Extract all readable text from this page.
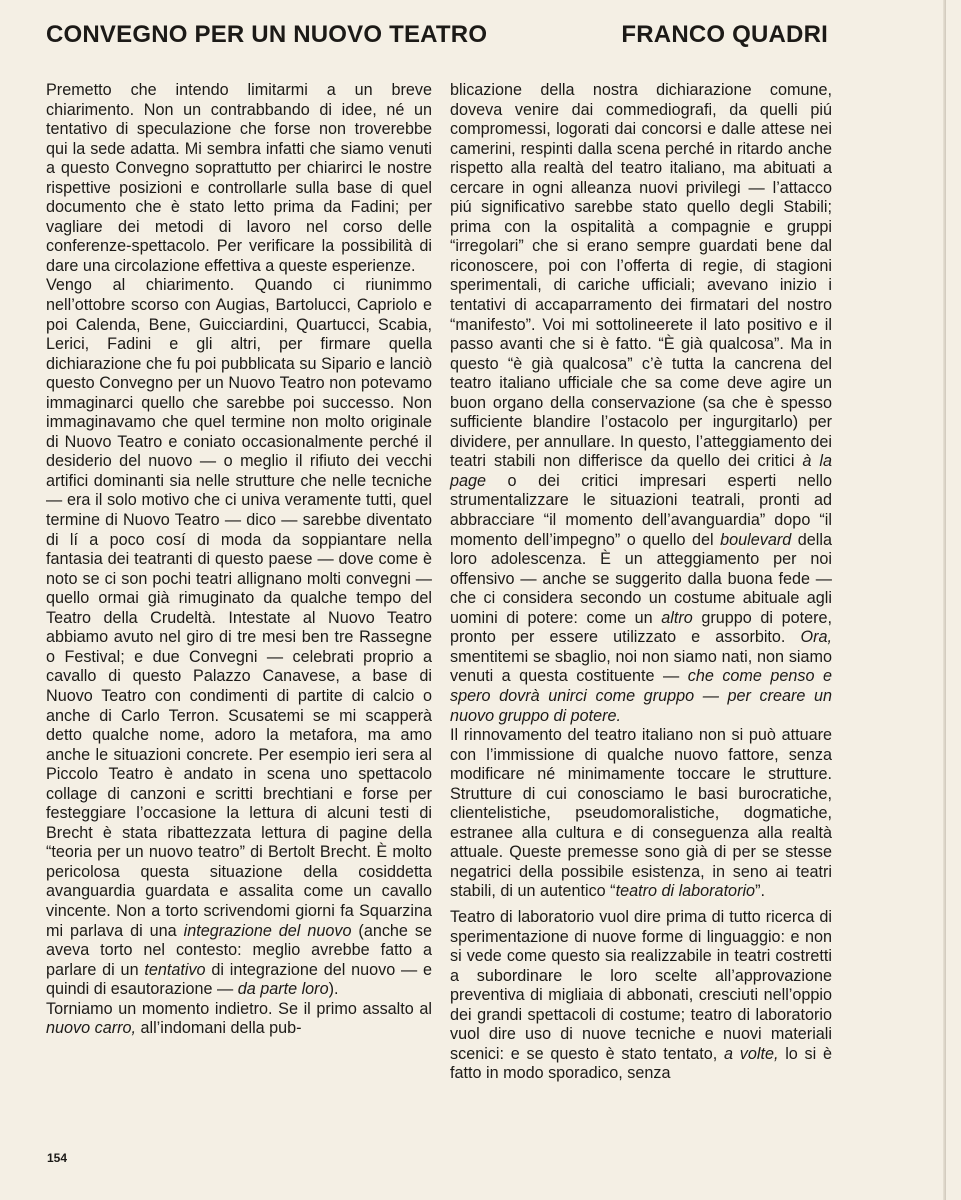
CONVEGNO PER UN NUOVO TEATRO	FRANCO QUADRI

Premetto che intendo limitarmi a un breve chiarimento. Non un contrabbando di idee, né un tentativo di speculazione che forse non troverebbe qui la sede adatta. Mi sembra infatti che siamo venuti a questo Convegno soprattutto per chiarirci le nostre rispettive posizioni e controllarle sulla base di quel documento che è stato letto prima da Fadini; per vagliare dei metodi di lavoro nel corso delle conferenze-spettacolo. Per verificare la possibilità di dare una circolazione effettiva a queste esperienze.

Vengo al chiarimento. Quando ci riunimmo nell’ottobre scorso con Augias, Bartolucci, Capriolo e poi Calenda, Bene, Guicciardini, Quartucci, Scabia, Lerici, Fadini e gli altri, per firmare quella dichiarazione che fu poi pubblicata su Sipario e lanciò questo Convegno per un Nuovo Teatro non potevamo immaginarci quello che sarebbe poi successo. Non immaginavamo che quel termine non molto originale di Nuovo Teatro e coniato occasionalmente perché il desiderio del nuovo — o meglio il rifiuto dei vecchi artifici dominanti sia nelle strutture che nelle tecniche — era il solo motivo che ci univa veramente tutti, quel termine di Nuovo Teatro — dico — sarebbe diventato di lí a poco cosí di moda da soppiantare nella fantasia dei teatranti di questo paese — dove come è noto se ci son pochi teatri allignano molti convegni — quello ormai già rimuginato da qualche tempo del Teatro della Crudeltà. Intestate al Nuovo Teatro abbiamo avuto nel giro di tre mesi ben tre Rassegne o Festival; e due Convegni — celebrati proprio a cavallo di questo Palazzo Canavese, a base di Nuovo Teatro con condimenti di partite di calcio o anche di Carlo Terron. Scusatemi se mi scapperà detto qualche nome, adoro la metafora, ma amo anche le situazioni concrete. Per esempio ieri sera al Piccolo Teatro è andato in scena uno spettacolo collage di canzoni e scritti brechtiani e forse per festeggiare l’occasione la lettura di alcuni testi di Brecht è stata ribattezzata lettura di pagine della “teoria per un nuovo teatro” di Bertolt Brecht. È molto pericolosa questa situazione della cosiddetta avanguardia guardata e assalita come un cavallo vincente. Non a torto scrivendomi giorni fa Squarzina mi parlava di una integrazione del nuovo (anche se aveva torto nel contesto: meglio avrebbe fatto a parlare di un tentativo di integrazione del nuovo — e quindi di esautorazione — da parte loro).

Torniamo un momento indietro. Se il primo assalto al nuovo carro, all’indomani della pub-

blicazione della nostra dichiarazione comune, doveva venire dai commediografi, da quelli piú compromessi, logorati dai concorsi e dalle attese nei camerini, respinti dalla scena perché in ritardo anche rispetto alla realtà del teatro italiano, ma abituati a cercare in ogni alleanza nuovi privilegi — l’attacco piú significativo sarebbe stato quello degli Stabili; prima con la ospitalità a compagnie e gruppi “irregolari” che si erano sempre guardati bene dal riconoscere, poi con l’offerta di regie, di stagioni sperimentali, di cariche ufficiali; avevano inizio i tentativi di accaparramento dei firmatari del nostro “manifesto”. Voi mi sottolineerete il lato positivo e il passo avanti che si è fatto. “È già qualcosa”. Ma in questo “è già qualcosa” c’è tutta la cancrena del teatro italiano ufficiale che sa come deve agire un buon organo della conservazione (sa che è spesso sufficiente blandire l’ostacolo per ingurgitarlo) per dividere, per annullare. In questo, l’atteggiamento dei teatri stabili non differisce da quello dei critici à la page o dei critici impresari esperti nello strumentalizzare le situazioni teatrali, pronti ad abbracciare “il momento dell’avanguardia” dopo “il momento dell’impegno” o quello del boulevard della loro adolescenza. È un atteggiamento per noi offensivo — anche se suggerito dalla buona fede — che ci considera secondo un costume abituale agli uomini di potere: come un altro gruppo di potere, pronto per essere utilizzato e assorbito. Ora, smentitemi se sbaglio, noi non siamo nati, non siamo venuti a questa costituente — che come penso e spero dovrà unirci come gruppo — per creare un nuovo gruppo di potere.

Il rinnovamento del teatro italiano non si può attuare con l’immissione di qualche nuovo fattore, senza modificare né minimamente toccare le strutture. Strutture di cui conosciamo le basi burocratiche, clientelistiche, pseudomoralistiche, dogmatiche, estranee alla cultura e di conseguenza alla realtà attuale. Queste premesse sono già di per se stesse negatrici della possibile esistenza, in seno ai teatri stabili, di un autentico “teatro di laboratorio”.

Teatro di laboratorio vuol dire prima di tutto ricerca di sperimentazione di nuove forme di linguaggio: e non si vede come questo sia realizzabile in teatri costretti a subordinare le loro scelte all’approvazione preventiva di migliaia di abbonati, cresciuti nell’oppio dei grandi spettacoli di costume; teatro di laboratorio vuol dire uso di nuove tecniche e nuovi materiali scenici: e se questo è stato tentato, a volte, lo si è fatto in modo sporadico, senza

154
